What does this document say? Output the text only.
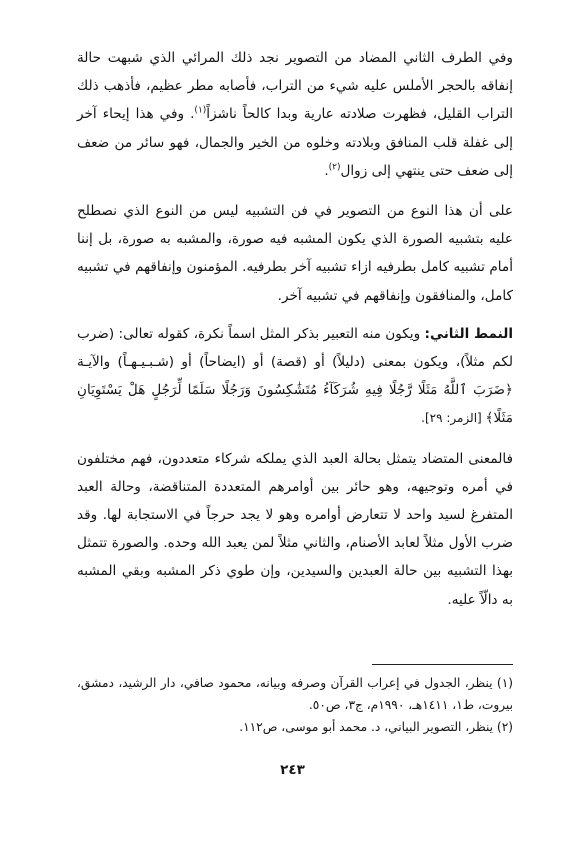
وفي الطرف الثاني المضاد من التصوير نجد ذلك المرائي الذي شبهت حالة إنفاقه بالحجر الأملس عليه شيء من التراب، فأصابه مطر عظيم، فأذهب ذلك التراب القليل، فظهرت صلادته عارية وبدا كالحاً ناشزاً$^{(١)}$. وفي هذا إيحاء آخر إلى غفلة قلب المنافق وبلادته وخلوه من الخير والجمال، فهو سائر من ضعف إلى ضعف حتى ينتهي إلى زوال$^{(٢)}$.

على أن هذا النوع من التصوير في فن التشبيه ليس من النوع الذي نصطلح عليه بتشبيه الصورة الذي يكون المشبه فيه صورة، والمشبه به صورة، بل إننا أمام تشبيه كامل بطرفيه ازاء تشبيه آخر بطرفيه. المؤمنون وإنفاقهم في تشبيه كامل، والمنافقون وإنفاقهم في تشبيه آخر.

النمط الثاني: ويكون منه التعبير بذكر المثل اسماً نكرة، كقوله تعالى: (ضرب لكم مثلاً)، ويكون بمعنى (دليلاً) أو (قصة) أو (ايضاحاً) أو (شـبـيـهـاً) والآيـة ﴿ضَرَبَ ٱللَّهُ مَثَلًا رَّجُلًا فِيهِ شُرَكَآءُ مُتَشَٰكِسُونَ وَرَجُلًا سَلَمًا لِّرَجُلٍ هَلْ يَسْتَوِيَانِ مَثَلًا﴾ [الزمر: ٢٩].

فالمعنى المتضاد يتمثل بحالة العبد الذي يملكه شركاء متعددون، فهم مختلفون في أمره وتوجيهه، وهو حائر بين أوامرهم المتعددة المتناقضة، وحالة العبد المتفرغ لسيد واحد لا تتعارض أوامره وهو لا يجد حرجاً في الاستجابة لها. وقد ضرب الأول مثلاً لعابد الأصنام، والثاني مثلاً لمن يعبد الله وحده. والصورة تتمثل بهذا التشبيه بين حالة العبدين والسيدين، وإن طوي ذكر المشبه وبقي المشبه به دالّاً عليه.

(١) ينظر، الجدول في إعراب القرآن وصرفه وبيانه، محمود صافي، دار الرشيد، دمشق، بيروت، ط١، ١٤١١هـ، ١٩٩٠م، ج٣، ص٥٠.

(٢) ينظر، التصوير البياني، د. محمد أبو موسى، ص١١٢.

٢٤٣
